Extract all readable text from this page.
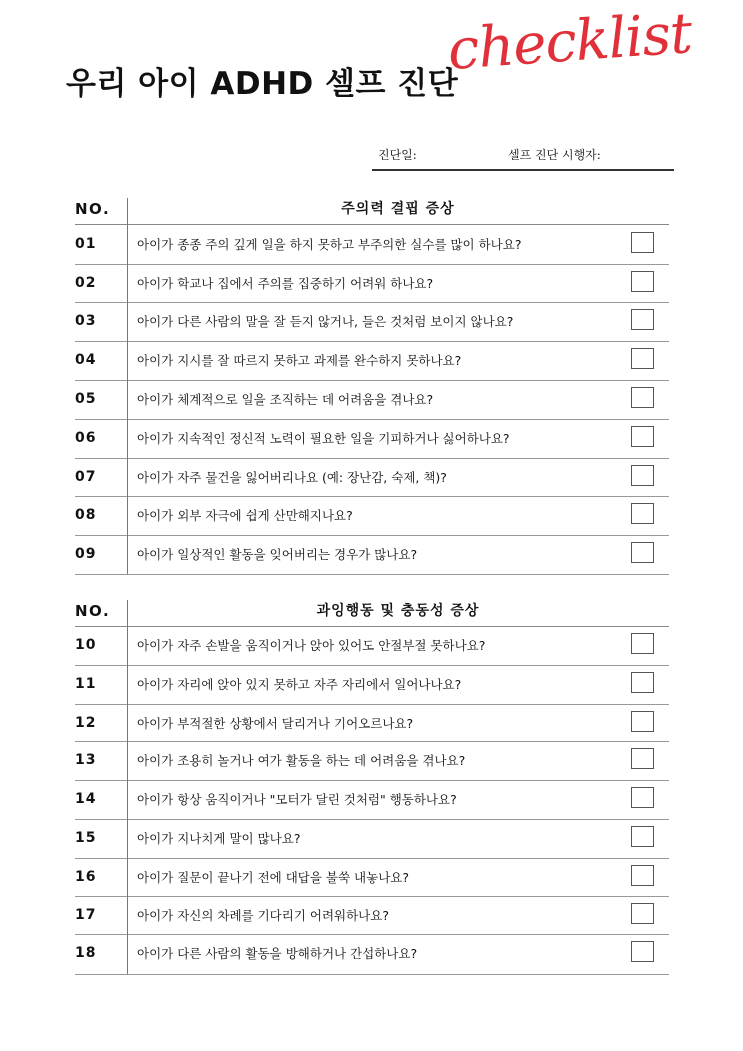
우리 아이 ADHD 셀프 진단
checklist
진단일:	셀프 진단 시행자:
NO.	주의력 결핍 증상
01	아이가 종종 주의 깊게 일을 하지 못하고 부주의한 실수를 많이 하나요?
02	아이가 학교나 집에서 주의를 집중하기 어려워 하나요?
03	아이가 다른 사람의 말을 잘 듣지 않거나, 들은 것처럼 보이지 않나요?
04	아이가 지시를 잘 따르지 못하고 과제를 완수하지 못하나요?
05	아이가 체계적으로 일을 조직하는 데 어려움을 겪나요?
06	아이가 지속적인 정신적 노력이 필요한 일을 기피하거나 싫어하나요?
07	아이가 자주 물건을 잃어버리나요 (예: 장난감, 숙제, 책)?
08	아이가 외부 자극에 쉽게 산만해지나요?
09	아이가 일상적인 활동을 잊어버리는 경우가 많나요?
NO.	과잉행동 및 충동성 증상
10	아이가 자주 손발을 움직이거나 앉아 있어도 안절부절 못하나요?
11	아이가 자리에 앉아 있지 못하고 자주 자리에서 일어나나요?
12	아이가 부적절한 상황에서 달리거나 기어오르나요?
13	아이가 조용히 놀거나 여가 활동을 하는 데 어려움을 겪나요?
14	아이가 항상 움직이거나 "모터가 달린 것처럼" 행동하나요?
15	아이가 지나치게 말이 많나요?
16	아이가 질문이 끝나기 전에 대답을 불쑥 내놓나요?
17	아이가 자신의 차례를 기다리기 어려워하나요?
18	아이가 다른 사람의 활동을 방해하거나 간섭하나요?
